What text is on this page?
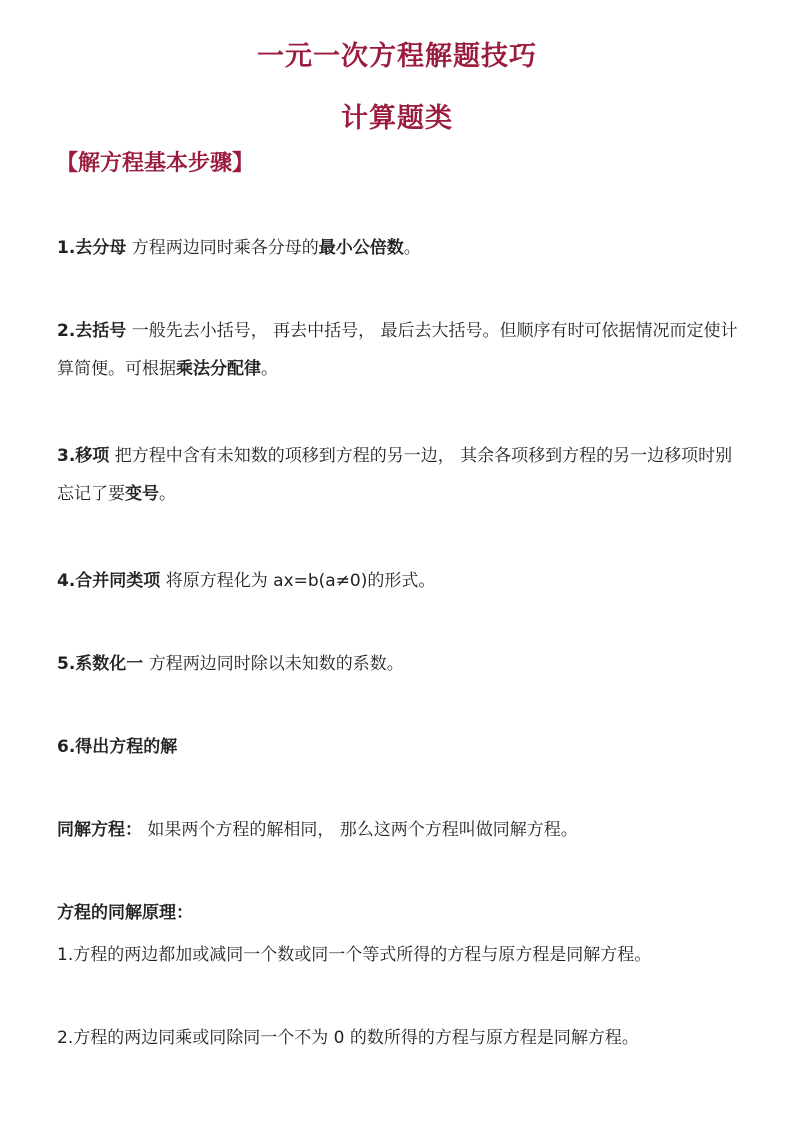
一元一次方程解题技巧
计算题类
【解方程基本步骤】
1.去分母 方程两边同时乘各分母的最小公倍数。
2.去括号 一般先去小括号， 再去中括号， 最后去大括号。但顺序有时可依据情况而定使计算简便。可根据乘法分配律。
3.移项 把方程中含有未知数的项移到方程的另一边， 其余各项移到方程的另一边移项时别忘记了要变号。
4.合并同类项 将原方程化为 ax=b(a≠0)的形式。
5.系数化一 方程两边同时除以未知数的系数。
6.得出方程的解
同解方程： 如果两个方程的解相同， 那么这两个方程叫做同解方程。
方程的同解原理：
1.方程的两边都加或减同一个数或同一个等式所得的方程与原方程是同解方程。
2.方程的两边同乘或同除同一个不为 0 的数所得的方程与原方程是同解方程。
